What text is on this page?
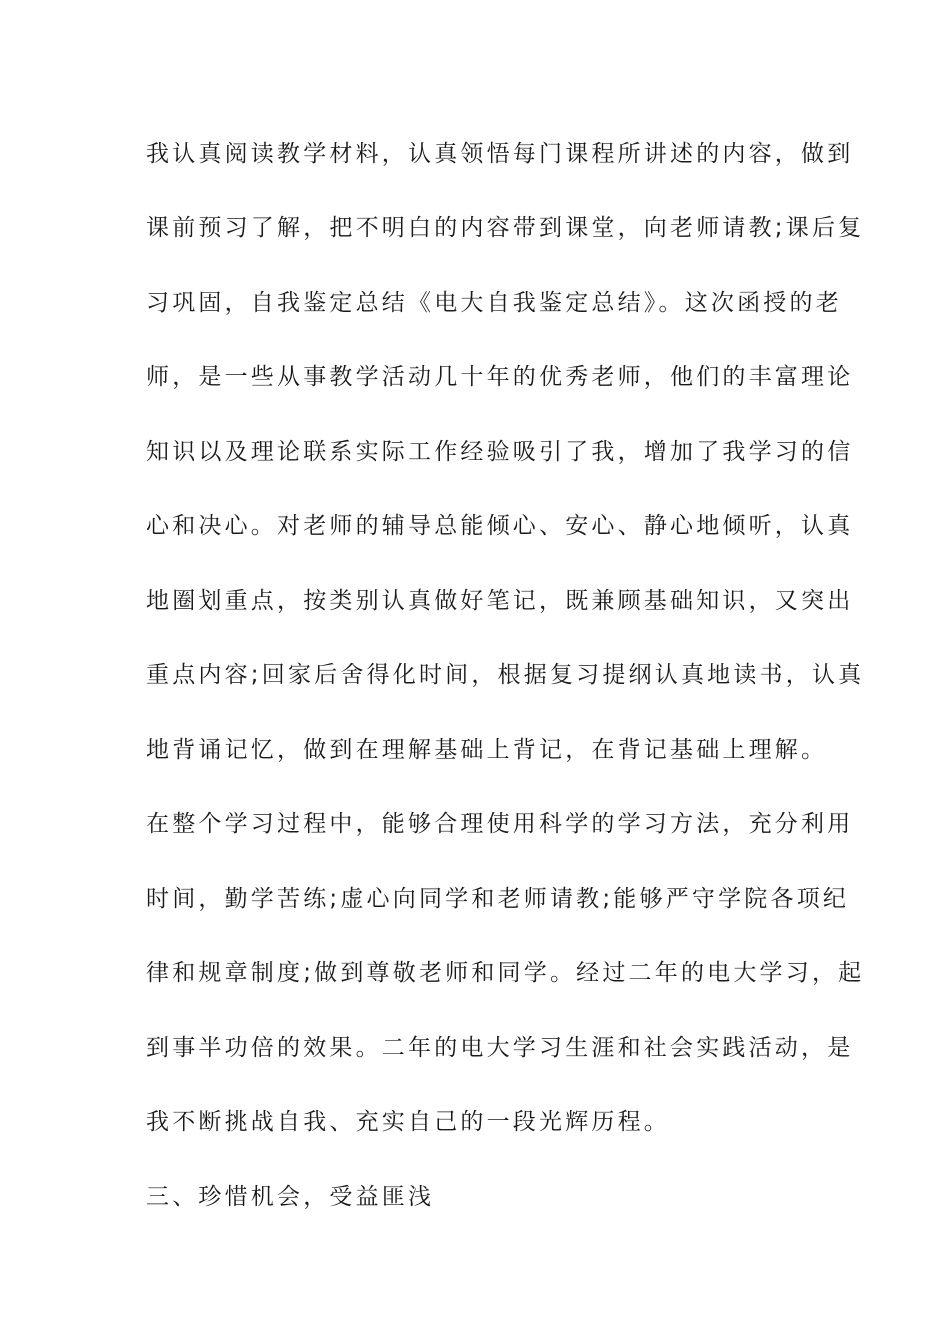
我认真阅读教学材料，认真领悟每门课程所讲述的内容，做到
课前预习了解，把不明白的内容带到课堂，向老师请教;课后复
习巩固，自我鉴定总结《电大自我鉴定总结》。这次函授的老
师，是一些从事教学活动几十年的优秀老师，他们的丰富理论
知识以及理论联系实际工作经验吸引了我，增加了我学习的信
心和决心。对老师的辅导总能倾心、安心、静心地倾听，认真
地圈划重点，按类别认真做好笔记，既兼顾基础知识，又突出
重点内容;回家后舍得化时间，根据复习提纲认真地读书，认真
地背诵记忆，做到在理解基础上背记，在背记基础上理解。
在整个学习过程中，能够合理使用科学的学习方法，充分利用
时间，勤学苦练;虚心向同学和老师请教;能够严守学院各项纪
律和规章制度;做到尊敬老师和同学。经过二年的电大学习，起
到事半功倍的效果。二年的电大学习生涯和社会实践活动，是
我不断挑战自我、充实自己的一段光辉历程。
三、珍惜机会，受益匪浅
